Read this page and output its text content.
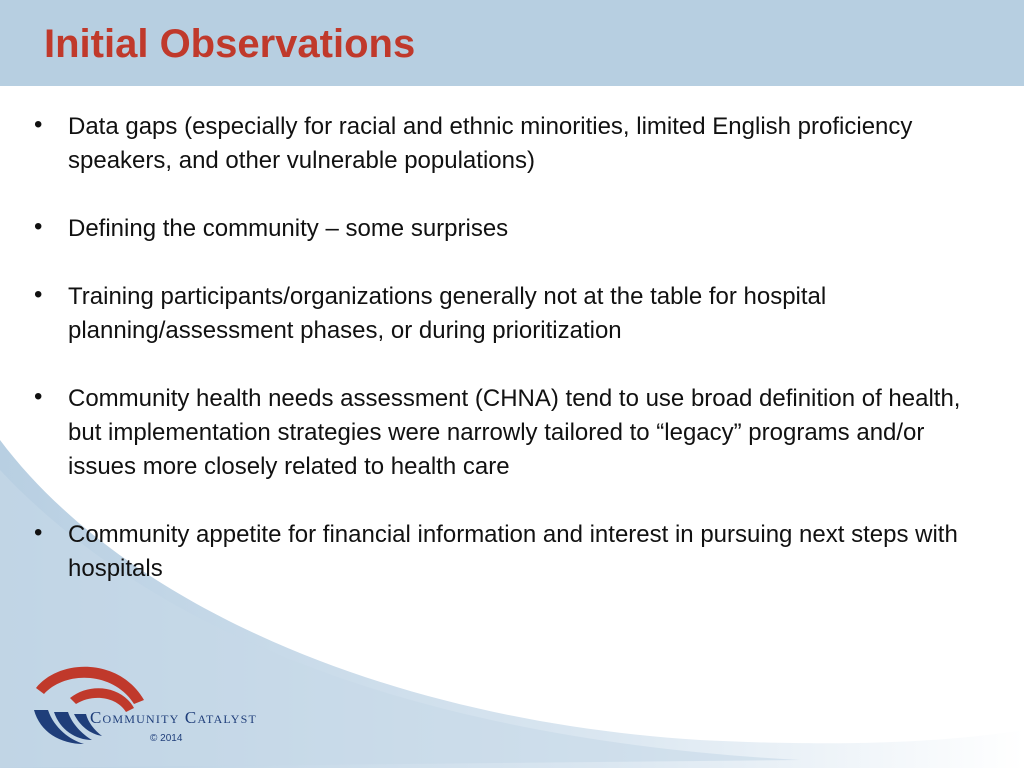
Initial Observations
• Data gaps (especially for racial and ethnic minorities, limited English proficiency speakers, and other vulnerable populations)
• Defining the community – some surprises
• Training participants/organizations generally not at the table for hospital planning/assessment phases, or during prioritization
• Community health needs assessment (CHNA) tend to use broad definition of health, but implementation strategies were narrowly tailored to “legacy” programs and/or issues more closely related to health care
• Community appetite for financial information and interest in pursuing next steps with hospitals
Community Catalyst
© 2014
